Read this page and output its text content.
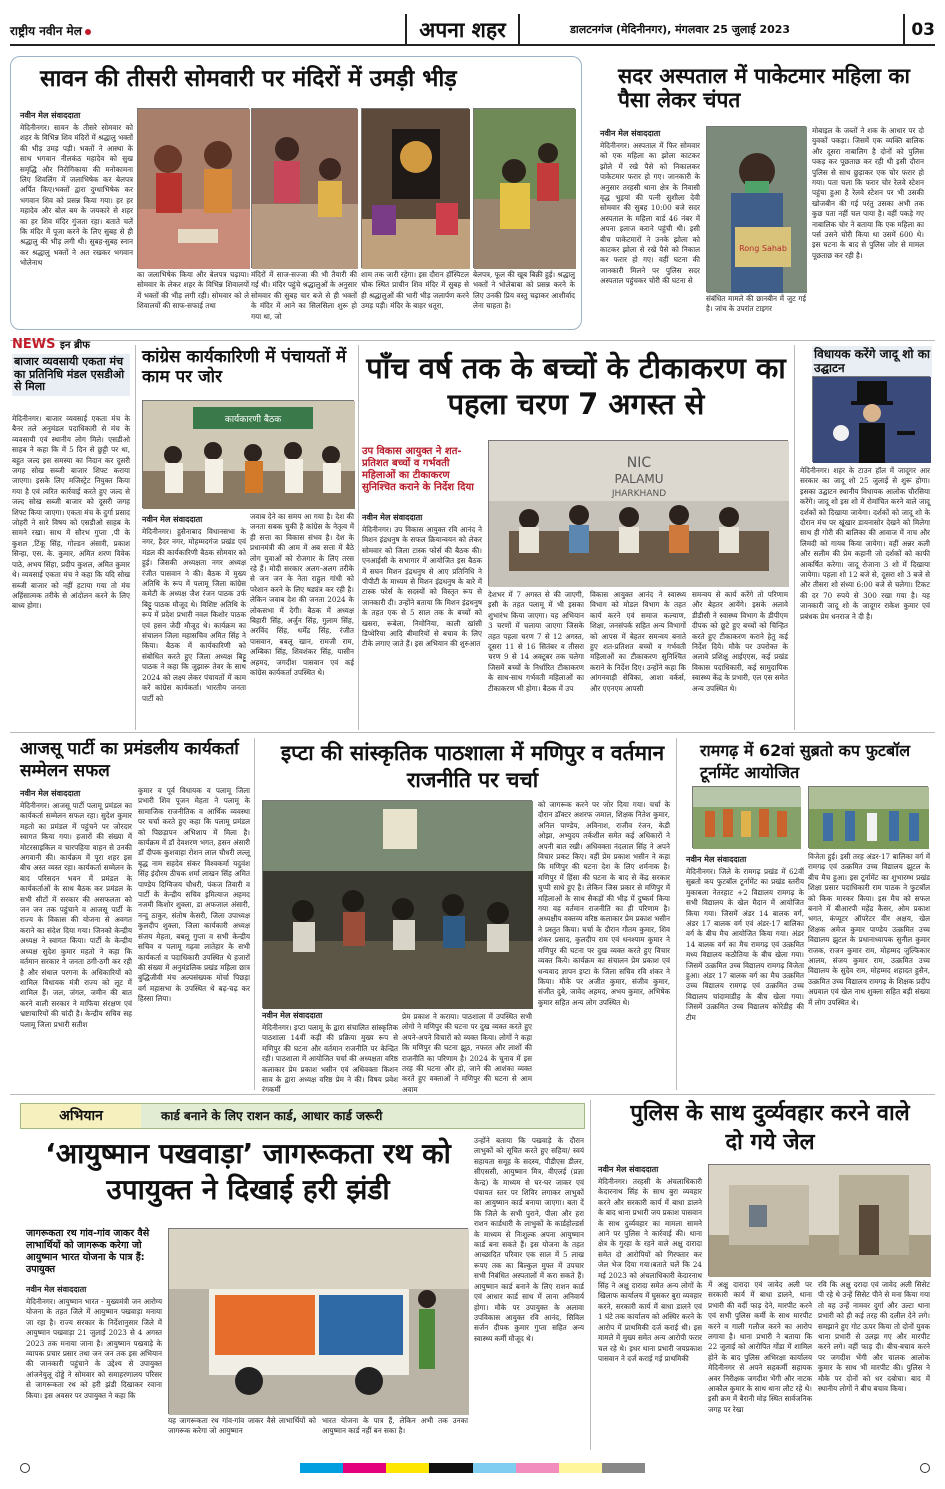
राष्ट्रीय नवीन मेल	अपना शहर	डालटनगंज (मेदिनीनगर), मंगलवार 25 जुलाई 2023	03
सावन की तीसरी सोमवारी पर मंदिरों में उमड़ी भीड़
नवीन मेल संवाददाता
मेदिनीनगर। सावन के तीसरे सोमवार को शहर के विभिन्न शिव मंदिरों में श्रद्धालु भक्तों की भीड़ उमड़ पड़ी। भक्तों ने आस्था के साथ भगवान नीलकंठ महादेव को सुख समृद्धि और निरोगिकाया की मनोकामना लिए शिवलिंग में जलाभिषेक कर बेलपत्र अर्पित किए।भक्तों द्वारा दुग्धाभिषेक कर भगवान शिव को प्रसन्न किया गया। हर हर महादेव और बोल बम के जयकारे से शहर का हर शिव मंदिर गुंजता रहा। बताते चलें कि मंदिर में पूजा करने के लिए सुबह से ही श्रद्धालु की भीड़ लगी थी। सुबह-सुबह स्नान कर श्रद्धालु भक्तों ने अत रखकर भगवान भोलेनाथ
का जलाभिषेक किया और बेलपत्र चढ़ाया। सोमवार के लेकर शहर के विभिन्न शिवालयों में भक्तों की भीड़ लगी रही। सोमवार को ले शिवालयों की साफ-सफाई तथा
मंदिरों में साज-सज्जा की भी तैयारी की गई थी। मंदिर पहुंचे श्रद्धालुओं के अनुसार सोमवार की सुबह चार बजे से ही भक्तों के मंदिर में आने का सिलसिला शुरू हो गया था, जो
शाम तक जारी रहेगा। इस दौरान हॉस्पिटल चौक स्थित प्राचीन शिव मंदिर में सुबह से ही श्रद्धालुओं की भारी भीड़ जलार्पण करने उमड़ पड़ी। मंदिर के बाहर धतूरा,
बेलपत्र, फूल की खूब बिक्री हुई। श्रद्धालु भक्तों ने भोलेबाबा को प्रसन्न करने के लिए उनकी प्रिय वस्तु चढ़ाकर आशीर्वाद लेना चाहता है।
सदर अस्पताल में पाकेटमार महिला का पैसा लेकर चंपत
नवीन मेल संवाददाता
मेदिनीनगर। अस्पताल में फिर सोमवार को एक महिला का झोला काटकर झोले में रखे पैसे को निकालकर पाकेटमार फरार हो गए। जानकारी के अनुसार तरहसी थाना क्षेत्र के निवासी वृद्ध भुइयां की पत्नी सुशीला देवी सोमवार की सुबह 10:00 बजे सदर अस्पताल के महिला वार्ड 46 नंबर में अपना इलाज कराने पहुंची थी। इसी बीच पाकेटमारों ने उनके झोला को काटकर झोला से रखे पैसे को निकाल कर फरार हो गए। वहीं घटना की जानकारी मिलने पर पुलिस सदर अस्पताल पहुंचकर चोरी की घटना से
Rong Sahab
संबंधित मामले की छानबीन में जुट गई है। जांच के उपरांत टाइगर
मोबाइल के जब्तों ने शक के आधार पर दो युवकों पकड़ा। जिसमें एक व्यक्ति बालिक और दूसरा नाबालिग है दोनों को पुलिस पकड़ कर पूछताछ कर रही थी इसी दौरान पुलिस से साथ छुड़ाकर एक चोर फरार हो गया। पता चला कि फरार चोर रेलवे स्टेशन पहुंचा हुआ है रेलवे स्टेशन पर भी उसकी खोजबीन की गई परंतु उसका अभी तक कुछ पता नहीं चल पाया है। वहीं पकड़े गए नाबालिक चोर ने बताया कि एक महिला का पर्स उसने चोरी किया था उसमें 600 थे। इस घटना के बाद से पुलिस जोर से मामल पूछताछ कर रही है।
NEWS इन ब्रीफ
बाजार व्यवसायी एकता मंच का प्रतिनिधि मंडल एसडीओ से मिला
मेदिनीनगर। बाजार व्यवसाई एकता मंच के बैनर तले अनुमंडल पदाधिकारी से मंच के व्यवसायी एवं स्थानीय लोग मिले। एसडीओ साहब ने कहा कि में 5 दिन से छुट्टी पर था, बहुत जल्द इस समस्या का निदान कर दूसरी जगह सोख सब्जी बाजार शिफ्ट कराया जाएगा। इसके लिए मजिस्ट्रेट नियुक्त किया गया है एवं त्वरित कार्रवाई करते हुए जल्द से जल्द सोख सब्जी बाजार को दूसरी जगह शिफ्ट किया जाएगा। एकता मंच के दुर्गा प्रसाद जोहरी ने सारे विषय को एसडीओ साहब के सामने रखा। साथ में सौरभ गुप्ता ,पी के कुशल ,टिंकू सिंह, गोल्डन अंसारी, प्रकाश सिन्हा, एस. के. कुमार, अमित शरण विवेक पाठे, अभय सिंहा, प्रदीप कुशल, अमित कुमार थे। व्यवसाई एकता मंच ने कहा कि यदि सोख सब्जी बाजार को नहीं हटाया गया तो मंच अहिंसात्मक तरीके से आंदोलन करने के लिए बाध्य होगा।
कांग्रेस कार्यकारिणी में पंचायतों में काम पर जोर
कार्यकारणी बैठक
नवीन मेल संवाददाता
मेदिनीनगर। हुसैनाबाद विधानसभा के नगर, हैदर नगर, मोहम्मदगंज प्रखंड एवं मंडल की कार्यकारिणी बैठक सोमवार को हुई। जिसकी अध्यक्षता नगर अध्यक्ष रंजीत पासवान ने की। बैठक में मुख्य अतिथि के रूप में पलामू जिला कांग्रेस कमेटी के अध्यक्ष जैश रंजन पाठक उर्फ बिट्टू पाठक मौजूद थे। विशिष्ट अतिथि के रूप में प्रदेश प्रभारी नवल किशोर पाठक एवं हसन जेदी मौजूद थे। कार्यक्रम का संचालन जिला महासचिव अमित सिंह ने किया। बैठक में कार्यकारिणी को संबोधित करते हुए जिला अध्यक्ष बिट्टू पाठक ने कहा कि जुझारू तेवर के साथ 2024 को लक्ष्य लेकर पंचायतों में काम करें कांग्रेस कार्यकर्ता। भारतीय जनता पार्टी को
जवाब देने का समय आ गया है। देश की जनता सबक चुकी है कांग्रेस के नेतृत्व में ही सत्ता का विकास संभव है। देश के प्रधानमंत्री की आम में अब सत्ता में बैठे लोग युवाओं को रोजगार के लिए तरस रहे हैं। मोदी सरकार अलग-अलग तरीके से जन जन के नेता राहुल गांधी को परेशान करने के लिए षड्यंत्र कर रही है। लेकिन जवाब देश की जनता 2024 के लोकसभा में देगी। बैठक में अध्यक्ष बिहारी सिंह, अर्जुन सिंह, गुलाम सिंह, अरविंद सिंह, धर्मेंद्र सिंह, रंजीत पासवान, बबलू खान, रामजी राम, अम्बिका सिंह, शिवशंकर सिंह, यासीन अहमद, जगदीश पासवान एवं कई कांग्रेस कार्यकर्ता उपस्थित थे।
पाँच वर्ष तक के बच्चों के टीकाकरण का पहला चरण 7 अगस्त से
उप विकास आयुक्त ने शत-प्रतिशत बच्चों व गर्भवती महिलाओं का टीकाकरण सुनिश्चित कराने के निर्देश दिया
नवीन मेल संवाददाता
मेदिनीनगर। उप विकास आयुक्त रवि आनंद ने मिशन इंद्रधनुष के सफल क्रियान्वयन को लेकर सोमवार को जिला टास्क फोर्स की बैठक की। एनआईसी के सभागार में आयोजित इस बैठक में सघन मिशन इंद्रधनुष से आए प्रतिनिधि ने पीपीटी के माध्यम से मिशन इंद्रधनुष के बारे में टास्क फोर्स के सदस्यों को विस्तृत रूप से जानकारी दी। उन्होंने बताया कि मिशन इंद्रधनुष के तहत एक से 5 साल तक के बच्चों को खसरा, रूबेला, निमोनिया, काली खांसी डिप्थेरिया आदि बीमारियों से बचाव के लिए टीके लगाए जाते हैं। इस अभियान की शुरुआत
NIC
PALAMU
JHARKHAND
देशभर में 7 अगस्त से की जाएगी, इसी के तहत पलामू में भी इसका शुभारंभ किया जाएगा। यह अभियान 3 चरणों में चलाया जाएगा जिसके तहत पहला चरण 7 से 12 अगस्त, दूसरा 11 से 16 सितंबर व तीसरा चरण 9 से 14 अक्टूबर तक चलेगा जिसमें बच्चों के निर्धारित टीकाकरण के साथ-साथ गर्भवती महिलाओं का टीकाकरण भी होगा। बैठक में उप
विकास आयुक्त आनंद ने स्वास्थ्य विभाग को मोडल विभाग के तहत कार्य करने एवं समाज कल्याण, शिक्षा, जनसंपर्क सहित अन्य विभागों को आपस में बेहतर समन्वय बनाते हुए शत-प्रतिशत बच्चों व गर्भवती महिलाओं का टीकाकरण सुनिश्चित कराने के निर्देश दिए। उन्होंने कहा कि आंगनवाड़ी सेविका, आशा वर्कर्स, और एएनएम आपसी
समन्वय से कार्य करेंगे तो परिणाम और बेहतर आयेंगे। इसके अलावे डीडीसी ने स्वास्थ्य विभाग के डीपीएम दीपक को छूटे हुए बच्चों को चिन्हित करते हुए टीकाकरण कराने हेतु कई निर्देश दिये। मौके पर उपरोक्त के अलावे प्रशिक्षु आईएएस, कई प्रखंड विकास पदाधिकारी, कई सामुदायिक स्वास्थ्य केंद्र के प्रभारी, एल एस समेत अन्य उपस्थित थे।
विधायक करेंगे जादू शो का उद्घाटन
मेदिनीनगर। शहर के टाउन हॉल में जादूगर आर सरकार का जादू शो 25 जुलाई से शुरू होगा। इसका उद्घाटन स्थानीय विधायक आलोक चौरसिया करेंगे। जादू शो इस शो में रोमांचित करने वाले जादू दर्शकों को दिखाया जायेगा। दर्शकों को जादू शो के दौरान मंच पर खूंखार डायनासोर देखने को मिलेगा साथ ही गोरी की बालिका की आवाज में नाच और लिमदी को गायब किया जायेगा। वहीं अन्नर कली और सलीम की प्रेम कहानी जो दर्शकों को काफी आकर्षित करेगा। जादू रोजाना 3 शो में दिखाया जायेगा। पहला शो 12 बजे से, दूसरा शो 3 बजे से और तीसरा शो संध्या 6:00 बजे से चलेगा। टिकट की दर 70 रुपये से 300 रखा गया है। यह जानकारी जादू शो के जादूगर राकेश कुमार एवं प्रबंधक प्रेम धनराज ने दी है।
आजसू पार्टी का प्रमंडलीय कार्यकर्ता सम्मेलन सफल
नवीन मेल संवाददाता
मेदिनीनगर। आजसू पार्टी पलामू प्रमंडल का कार्यकर्ता सम्मेलन सफल रहा। सुदेश कुमार महतो का प्रमंडल में पहुंचने पर जोरदार स्वागत किया गया। हजारों की संख्या में मोटरसाइकिल व चारपहिया वाहन से उनकी अगवानी की। कार्यक्रम में पूरा शहर इस बीच अस्त व्यस्त रहा। कार्यकर्ता सम्मेलन के बाद परिसदन भवन में प्रमंडल के कार्यकर्ताओं के साथ बैठक कर प्रमंडल के सभी सीटों में सरकार की असफलता को जन जन तक पहुंचाने व आजसू पार्टी के राज्य के विकास की योजना से अवगत कराने का संदेश दिया गया। जिनको केन्द्रीय अध्यक्ष ने स्वागत किया। पार्टी के केन्द्रीय अध्यक्ष सुदेश कुमार महतो ने कहा कि वर्तमान सरकार ने जनता ठगी-ठगी कर रही है और संथाल परगना के अधिकारियों को शामिल विधायक मंत्री राज्य को लूट में शामिल हैं। जल, जंगल, जमीन की बात करने वाली सरकार ने माफिया संरक्षण एवं भ्रष्टाचारियों की चांदी है। केन्द्रीय सचिव सह पलामू जिला प्रभारी सतीश
कुमार व पूर्व विधायक व पलामू जिला प्रभारी शिव पूजन मेहता ने पलामू के सामाजिक राजनीतिक व आर्थिक व्यवस्था पर चर्चा करते हुए कहा कि पलामू प्रमंडल को पिछड़ापन अभिशाप में मिला है। कार्यक्रम में डॉ देवशरण भगत, हसन अंसारी डॉ दीपक कुशवाहा रोशन लाल चौधरी लल्लू बृद्ध नाम सहदेव संकर विश्वकर्मा यदुवंश सिंह इंदौरम ठीचक शर्मा लाखन सिंह अमित पाण्डेय दिग्विजय चौधरी, पंकज तिवारी व पार्टी के केन्द्रीय सचिव इमित्याज अहमद नजमी किशोर शुक्ला, डा अफजाल अंसारी, नन्दु ठाकुर, संतोष केसरी, जिला उपाध्यक्ष कुलदीप शुक्ला, जिला कार्यकारी अध्यक्ष संजय मेहता, बबलू गुप्ता व सभी केन्द्रीय सचिव व पलामू गढ़वा लातेहार के सभी कार्यकर्ता व पदाधिकारी उपस्थित थे हजारों की संख्या में अनुमंडलिक प्रखंड महिला छात्र बुद्धिजीवी मंच अल्पसंख्यक मोर्चा पिछड़ा वर्ग महासभा के उपस्थित थे बढ़-चढ़ कर हिस्सा लिया।
इप्टा की सांस्कृतिक पाठशाला में मणिपुर व वर्तमान राजनीति पर चर्चा
नवीन मेल संवाददाता
मेदिनीनगर। इप्टा पलामू के द्वारा संचालित सांस्कृतिक पाठशाला 14वीं कड़ी की प्रक्रिया मुख्य रूप से मणिपुर की घटना और वर्तमान राजनीति पर केन्द्रित रही। पाठशाला में आयोजित चर्चा की अध्यक्षता वरिष्ठ कलाकार प्रेम प्रकाश भसीन एवं अधिवक्ता किशन साव के द्वारा अध्यक्ष वरिष्ठ प्रेम ने की। विषय प्रवेश रंगकर्मी
प्रेम प्रकाश ने कराया। पाठशाला में उपस्थित सभी लोगो ने मणिपुर की घटना पर दुख व्यक्त करते हुए अपने-अपने विचारों को व्यक्त किया। लोगों ने कहा कि मणिपुर की घटना झूठ, नफरत और लाशों की राजनीति का परिणाम है। 2024 के चुनाव में इस तरह की घटना और हो, जाने की आशंका व्यक्त करते हुए वक्ताओं ने मणिपुर की घटना से आम अवाम
को जागरूक करने पर जोर दिया गया। चर्चा के दौरान डॉक्टर अशरफ जमाल, शिक्षक नितेश कुमार, अनिल पाण्डेय, अविनाश, राजीव रंजन, केडी ओझा, अभ्युदय तर्कशील समेत कई अधिकारों ने अपनी बात रखी। अधिवक्ता नंदलाल सिंह ने अपने विचार प्रकट किए। वहीं प्रेम प्रकाश भसीन ने कहा कि मणिपुर की घटना देश के लिए शर्मनाक है। मणिपुर में हिंसा की घटना के बाद से केंद्र सरकार चुप्पी साधे हुए है। लेकिन जिस प्रकार से मणिपुर में महिलाओं के साथ सैकड़ों की भीड़ में दुष्कर्म किया गया वह वर्तमान राजनीति का ही परिणाम है। अध्यक्षीय वक्तव्य वरिष्ठ कलाकार प्रेम प्रकाश भसीन ने प्रस्तुत किया। चर्चा के दौरान गौतम कुमार, शिव शंकर प्रसाद, कुलदीप राम एवं धनश्याम कुमार ने मणिपुर की घटना पर दुख व्यक्त करते हुए विचार व्यक्त किये। कार्यक्रम का संचालन प्रेम प्रकाश एवं धन्यवाद ज्ञापन इप्टा के जिला सचिव रवि शंकर ने किया। मौके पर अजीत कुमार, संजीव कुमार, संजीत दुबे, जावेद अहमद, अभय कुमार, अभिषेक कुमार सहित अन्य लोग उपस्थित थे।
रामगढ़ में 62वां सुब्रतो कप फुटबॉल टूर्नामेंट आयोजित
नवीन मेल संवाददाता
मेदिनीनगर। जिले के रामगढ़ प्रखंड में 62वीं सुब्रतो कप फुटबॉल टूर्नामेंट का प्रखंड स्तरीय मुकाबला नेतरहाट +2 विद्यालय रामगढ़ के सभी विद्यालय के खेल मैदान में आयोजित किया गया। जिसमें अंडर 14 बालक वर्ग, अंडर 17 बालक वर्ग एवं अंडर-17 बालिका वर्ग के बीच मैच आयोजित किया गया। अंडर 14 बालक वर्ग का मैच रामगढ़ एवं उत्क्रमित मध्य विद्यालय कठौतिया के बीच खेला गया। जिसमें उत्क्रमित उच्च विद्यालय रामगढ़ विजेता हुआ। अंडर 17 बालक वर्ग का मैच उत्क्रमित उच्च विद्यालय रामगढ़ एवं उत्क्रमित उच्च विद्यालय चांदामाडीह के बीच खेला गया। जिसमें उत्क्रमित उच्च विद्यालय कोरेडीह की टीम
विजेता हुई। इसी तरह अंडर-17 बालिका वर्ग में रामगढ़ एवं उत्क्रमित उच्च विद्यालय झूटल के बीच मैच हुआ। इस टूर्नामेंट का शुभारम्भ प्रखंड शिक्षा प्रसार पदाधिकारी राम पाठक ने फुटबॉल को किक मारकर किया। इस मैच को सफल बनाने में बीआरपी महेंद्र कैसर, ओम प्रकाश भगत, कंप्यूटर ऑपरेटर वीर अक्षय, खेल शिक्षक अमेज कुमार पाण्डेय उत्क्रमित उच्च विद्यालय झुटल के प्रधानाध्यापक सुनील कुमार राजक, राजन कुमार राम, मोहम्मद जुल्फिकार आलम, संजय कुमार राम, उत्क्रमित उच्च विद्यालय के सुदेव राम, मोहम्मद शहादत हुसैन, उत्क्रमित उच्च विद्यालय रामगढ़ के शिक्षक प्रदीप अग्रवाल एवं खेल नाथ शुक्ला सहित बड़ी संख्या में लोग उपस्थित थे।
अभियान	कार्ड बनाने के लिए राशन कार्ड, आधार कार्ड जरूरी
‘आयुष्मान पखवाड़ा’ जागरूकता रथ को उपायुक्त ने दिखाई हरी झंडी
जागरूकता रथ गांव-गांव जाकर वैसे लाभार्थियों को जागरूक करेगा जो आयुष्मान भारत योजना के पात्र हैं: उपायुक्त
नवीन मेल संवाददाता
मेदिनीनगर। आयुष्मान भारत - मुख्यमंत्री जन आरोग्य योजना के तहत जिले में आयुष्मान पखवाड़ा मनाया जा रहा है। राज्य सरकार के निर्देशानुसार जिले में आयुष्मान पखवाड़ा 21 जुलाई 2023 से 4 अगस्त 2023 तक मनाया जाना है। आयुष्मान पखवाड़े के व्यापक प्रचार प्रसार तथा जन जन तक इस अभियान की जानकारी पहुंचाने के उद्देश्य से उपायुक्त आंजनेयुलू दोड्डे ने सोमवार को समाहरणालय परिसर से जागरूकता रथ को हरी झंडी दिखाकर रवाना किया। इस अवसर पर उपायुक्त ने कहा कि
यह जागरूकता रथ गांव-गांव जाकर वैसे लाभार्थियों को जागरूक करेगा जो आयुष्मान
भारत योजना के पात्र हैं, लेकिन अभी तक उनका आयुष्मान कार्ड नहीं बन सका है।
उन्होंने बताया कि पखवाड़े के दौरान लाभुकों को सूचित करते हुए सहिया/ स्वयं सहायता समूह के सदस्य, पीडीएस डीलर, सीएससी, आयुष्मान मित्र, वीएलई (प्रज्ञा केन्द्र) के माध्यम से घर-घर जाकर एवं पंचायत स्तर पर शिविर लगाकर लाभुकों का आयुष्मान कार्ड बनाया जाएगा। बता दें कि जिले के सभी पुराने, पीला और हरा राशन कार्डधारी के लाभुकों के कार्डहोल्डर्स के माध्यम से निःशुल्क अपना आयुष्मान कार्ड बना सकते हैं। इस योजना के तहत आच्छादित परिवार एक साल में 5 लाख रूपए तक का बिल्कुल मुफ्त में उपचार सभी निबंधित अस्पतालों में करा सकते हैं। आयुष्मान कार्ड बनाने के लिए राशन कार्ड एवं आधार कार्ड साथ में लाना अनिवार्य होगा। मौके पर उपायुक्त के अलावा उपविकास आयुक्त रवि आनंद, सिविल सर्जन दीपक कुमार गुप्ता सहित अन्य स्वास्थ्य कर्मी मौजूद थे।
पुलिस के साथ दुर्व्यवहार करने वाले दो गये जेल
नवीन मेल संवाददाता
मेदिनीनगर। तरहसी के अंचलाधिकारी केदारनाथ सिंह के साथ बुरा व्यवहार करने और सरकारी कार्य में बाधा डालने के बाद थाना प्रभारी जय प्रकाश पासवान के साथ दुर्व्यवहार का मामला सामने आने पर पुलिस ने कार्रवाई की। थाना क्षेत्र के गुरहा के रहने वाले अक्षु दारादा समेत दो आरोपियों को गिरफ्तार कर जेल भेज दिया गया।बताते चलें कि 24 मई 2023 को अंचलाधिकारी केदारनाथ सिंह ने अक्षु दारादा समेत अन्य लोगों के खिलाफ कार्यालय में घुसकर बुरा व्यवहार करने, सरकारी कार्य में बाधा डालने एवं 1 घंटे तक कार्यालय को अस्थिर करने के आरोप में प्राथमिकी दर्ज कराई थी। इस मामले में मुख्य समेत अन्य आरोपी फरार चल रहे थे। इधर थाना प्रभारी जयप्रकाश पासवान ने दर्ज कराई गई प्राथमिकी
में अक्षु दारादा एवं जावेद अली पर सरकारी कार्य में बाधा डालने, थाना प्रभारी की वर्दी फाड़ देने, मारपीट करने एवं सभी पुलिस कर्मी के साथ मारपीट करने व गाली गलौज करने का आरोप लगाया है। थाना प्रभारी ने बताया कि 22 जुलाई को आरोपित गोंडा में शामिल होने के बाद पुलिस अभिरक्षा कार्यालय मेदिनीनगर से अपने सहकर्मी सहायक अवर निरीक्षक जगदीश भेंगी और नाटक आकौल कुमार के साथ थाना लौट रहे थे। इसी क्रम में बैरानी मोड़ स्थित सार्वजनिक जगह पर रेखा
रवि कि अक्षु दरादा एवं जावेद अली सिसेट पी रहे थे उन्हें सिसेट पीने से मना किया गया तो वह उन्हें नामवर दुर्गा और उल्टा थाना प्रभारी को ही कई तरह की दलील देने लगे। समझाने हुए गोट ऊपर किया तो दोनों युवक थाना प्रभारी से उलझ गए और मारपीट करने लगे। वहीं फाड़ दी। बीच-बचाव करने पर जगदीश भेंगी और चालक आलोक कुमार के साथ भी मारपीट की। पुलिस ने मौके पर दोनों को धर दबोचा। बाद में स्थानीय लोगों ने बीच बचाव किया।
